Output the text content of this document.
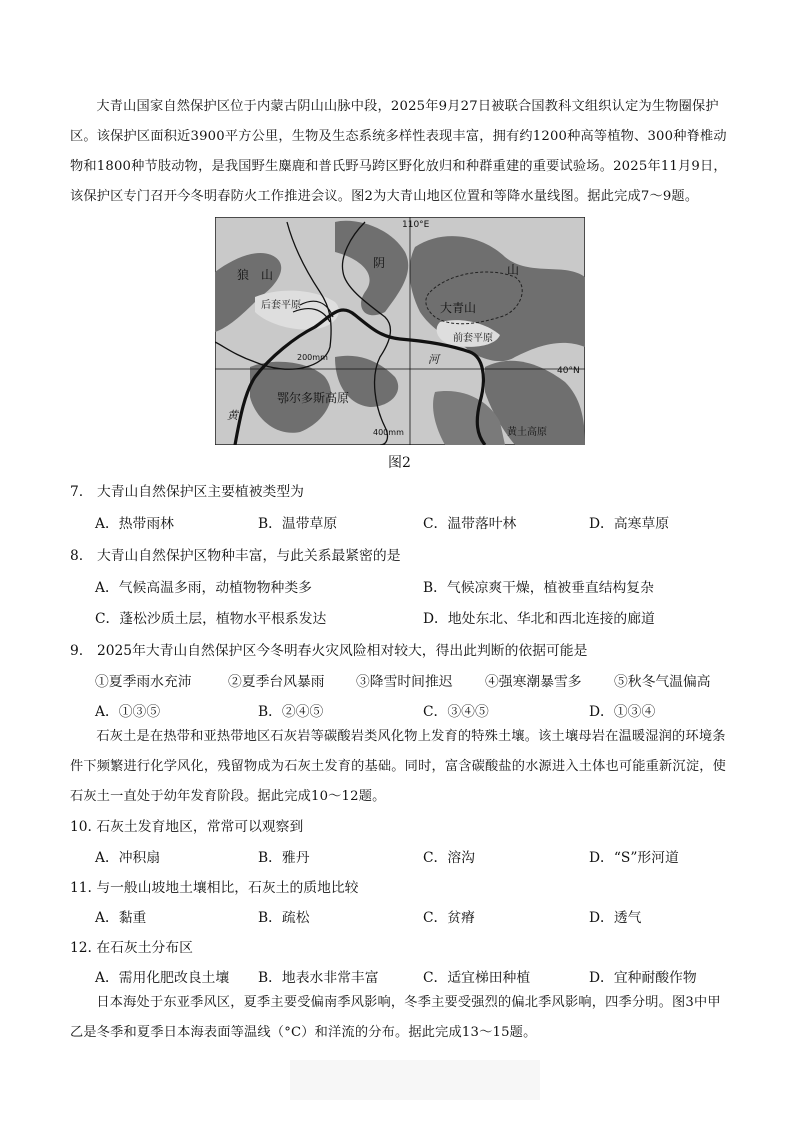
大青山国家自然保护区位于内蒙古阴山山脉中段，2025年9月27日被联合国教科文组织认定为生物圈保护区。该保护区面积近3900平方公里，生物及生态系统多样性表现丰富，拥有约1200种高等植物、300种脊椎动物和1800种节肢动物，是我国野生麋鹿和普氏野马跨区野化放归和种群重建的重要试验场。2025年11月9日，该保护区专门召开今冬明春防火工作推进会议。图2为大青山地区位置和等降水量线图。据此完成7～9题。
110°E
40°N
狼　山
阴	山
大青山
后套平原
前套平原
200mm
400mm
河
黄
鄂尔多斯高原
黄土高原
图2
7.　大青山自然保护区主要植被类型为
A．热带雨林	B．温带草原	C．温带落叶林	D．高寒草原
8.　大青山自然保护区物种丰富，与此关系最紧密的是
A．气候高温多雨，动植物物种类多	B．气候凉爽干燥，植被垂直结构复杂
C．蓬松沙质土层，植物水平根系发达	D．地处东北、华北和西北连接的廊道
9.　2025年大青山自然保护区今冬明春火灾风险相对较大，得出此判断的依据可能是
①夏季雨水充沛	②夏季台风暴雨 ③降雪时间推迟 ④强寒潮暴雪多 ⑤秋冬气温偏高
A．①③⑤	B．②④⑤	C．③④⑤	D．①③④
石灰土是在热带和亚热带地区石灰岩等碳酸岩类风化物上发育的特殊土壤。该土壤母岩在温暖湿润的环境条件下频繁进行化学风化，残留物成为石灰土发育的基础。同时，富含碳酸盐的水源进入土体也可能重新沉淀，使石灰土一直处于幼年发育阶段。据此完成10～12题。
10. 石灰土发育地区，常常可以观察到
A．冲积扇	B．雅丹	C．溶沟	D．“S”形河道
11. 与一般山坡地土壤相比，石灰土的质地比较
A．黏重	B．疏松	C．贫瘠	D．透气
12. 在石灰土分布区
A．需用化肥改良土壤 B．地表水非常丰富	C．适宜梯田种植	D．宜种耐酸作物
日本海处于东亚季风区，夏季主要受偏南季风影响，冬季主要受强烈的偏北季风影响，四季分明。图3中甲乙是冬季和夏季日本海表面等温线（°C）和洋流的分布。据此完成13～15题。
